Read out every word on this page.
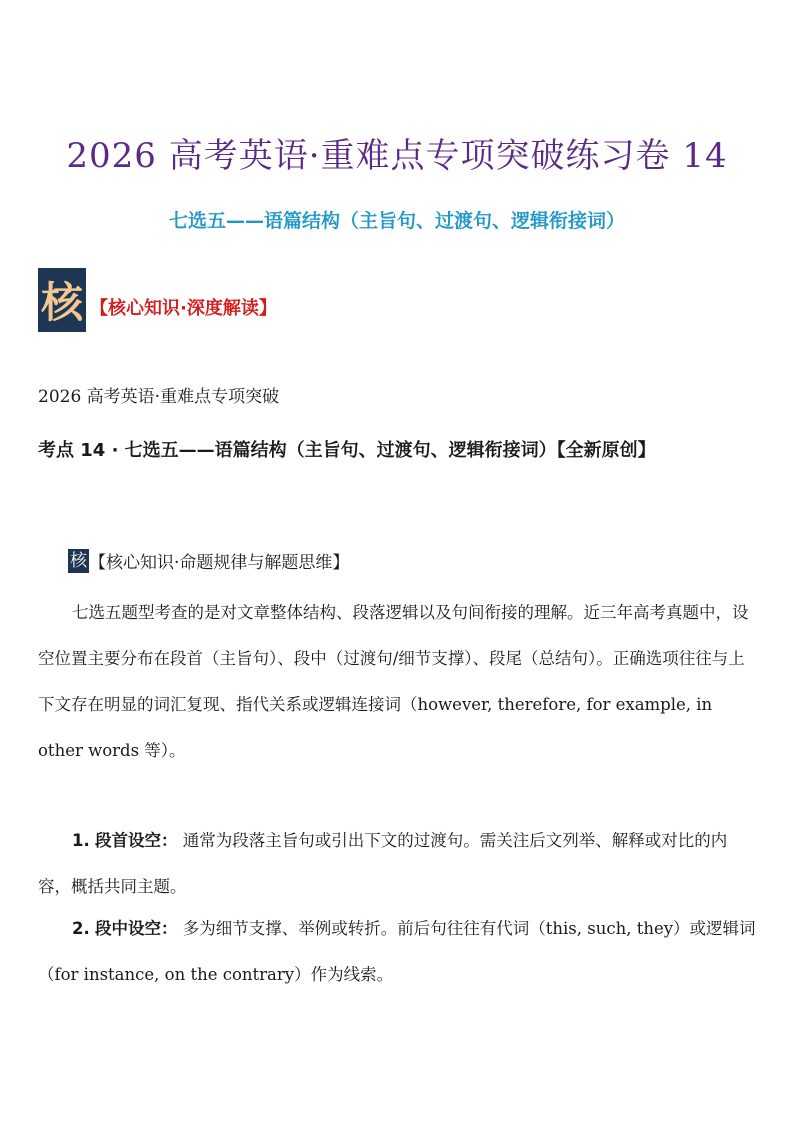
2026 高考英语·重难点专项突破练习卷 14
七选五——语篇结构（主旨句、过渡句、逻辑衔接词）
核 【核心知识·深度解读】
2026 高考英语·重难点专项突破
考点 14 · 七选五——语篇结构（主旨句、过渡句、逻辑衔接词）【全新原创】
核 【核心知识·命题规律与解题思维】
七选五题型考查的是对文章整体结构、段落逻辑以及句间衔接的理解。近三年高考真题中，设空位置主要分布在段首（主旨句）、段中（过渡句/细节支撑）、段尾（总结句）。正确选项往往与上下文存在明显的词汇复现、指代关系或逻辑连接词（however, therefore, for example, in other words 等）。
1. 段首设空： 通常为段落主旨句或引出下文的过渡句。需关注后文列举、解释或对比的内容，概括共同主题。
2. 段中设空： 多为细节支撑、举例或转折。前后句往往有代词（this, such, they）或逻辑词（for instance, on the contrary）作为线索。
